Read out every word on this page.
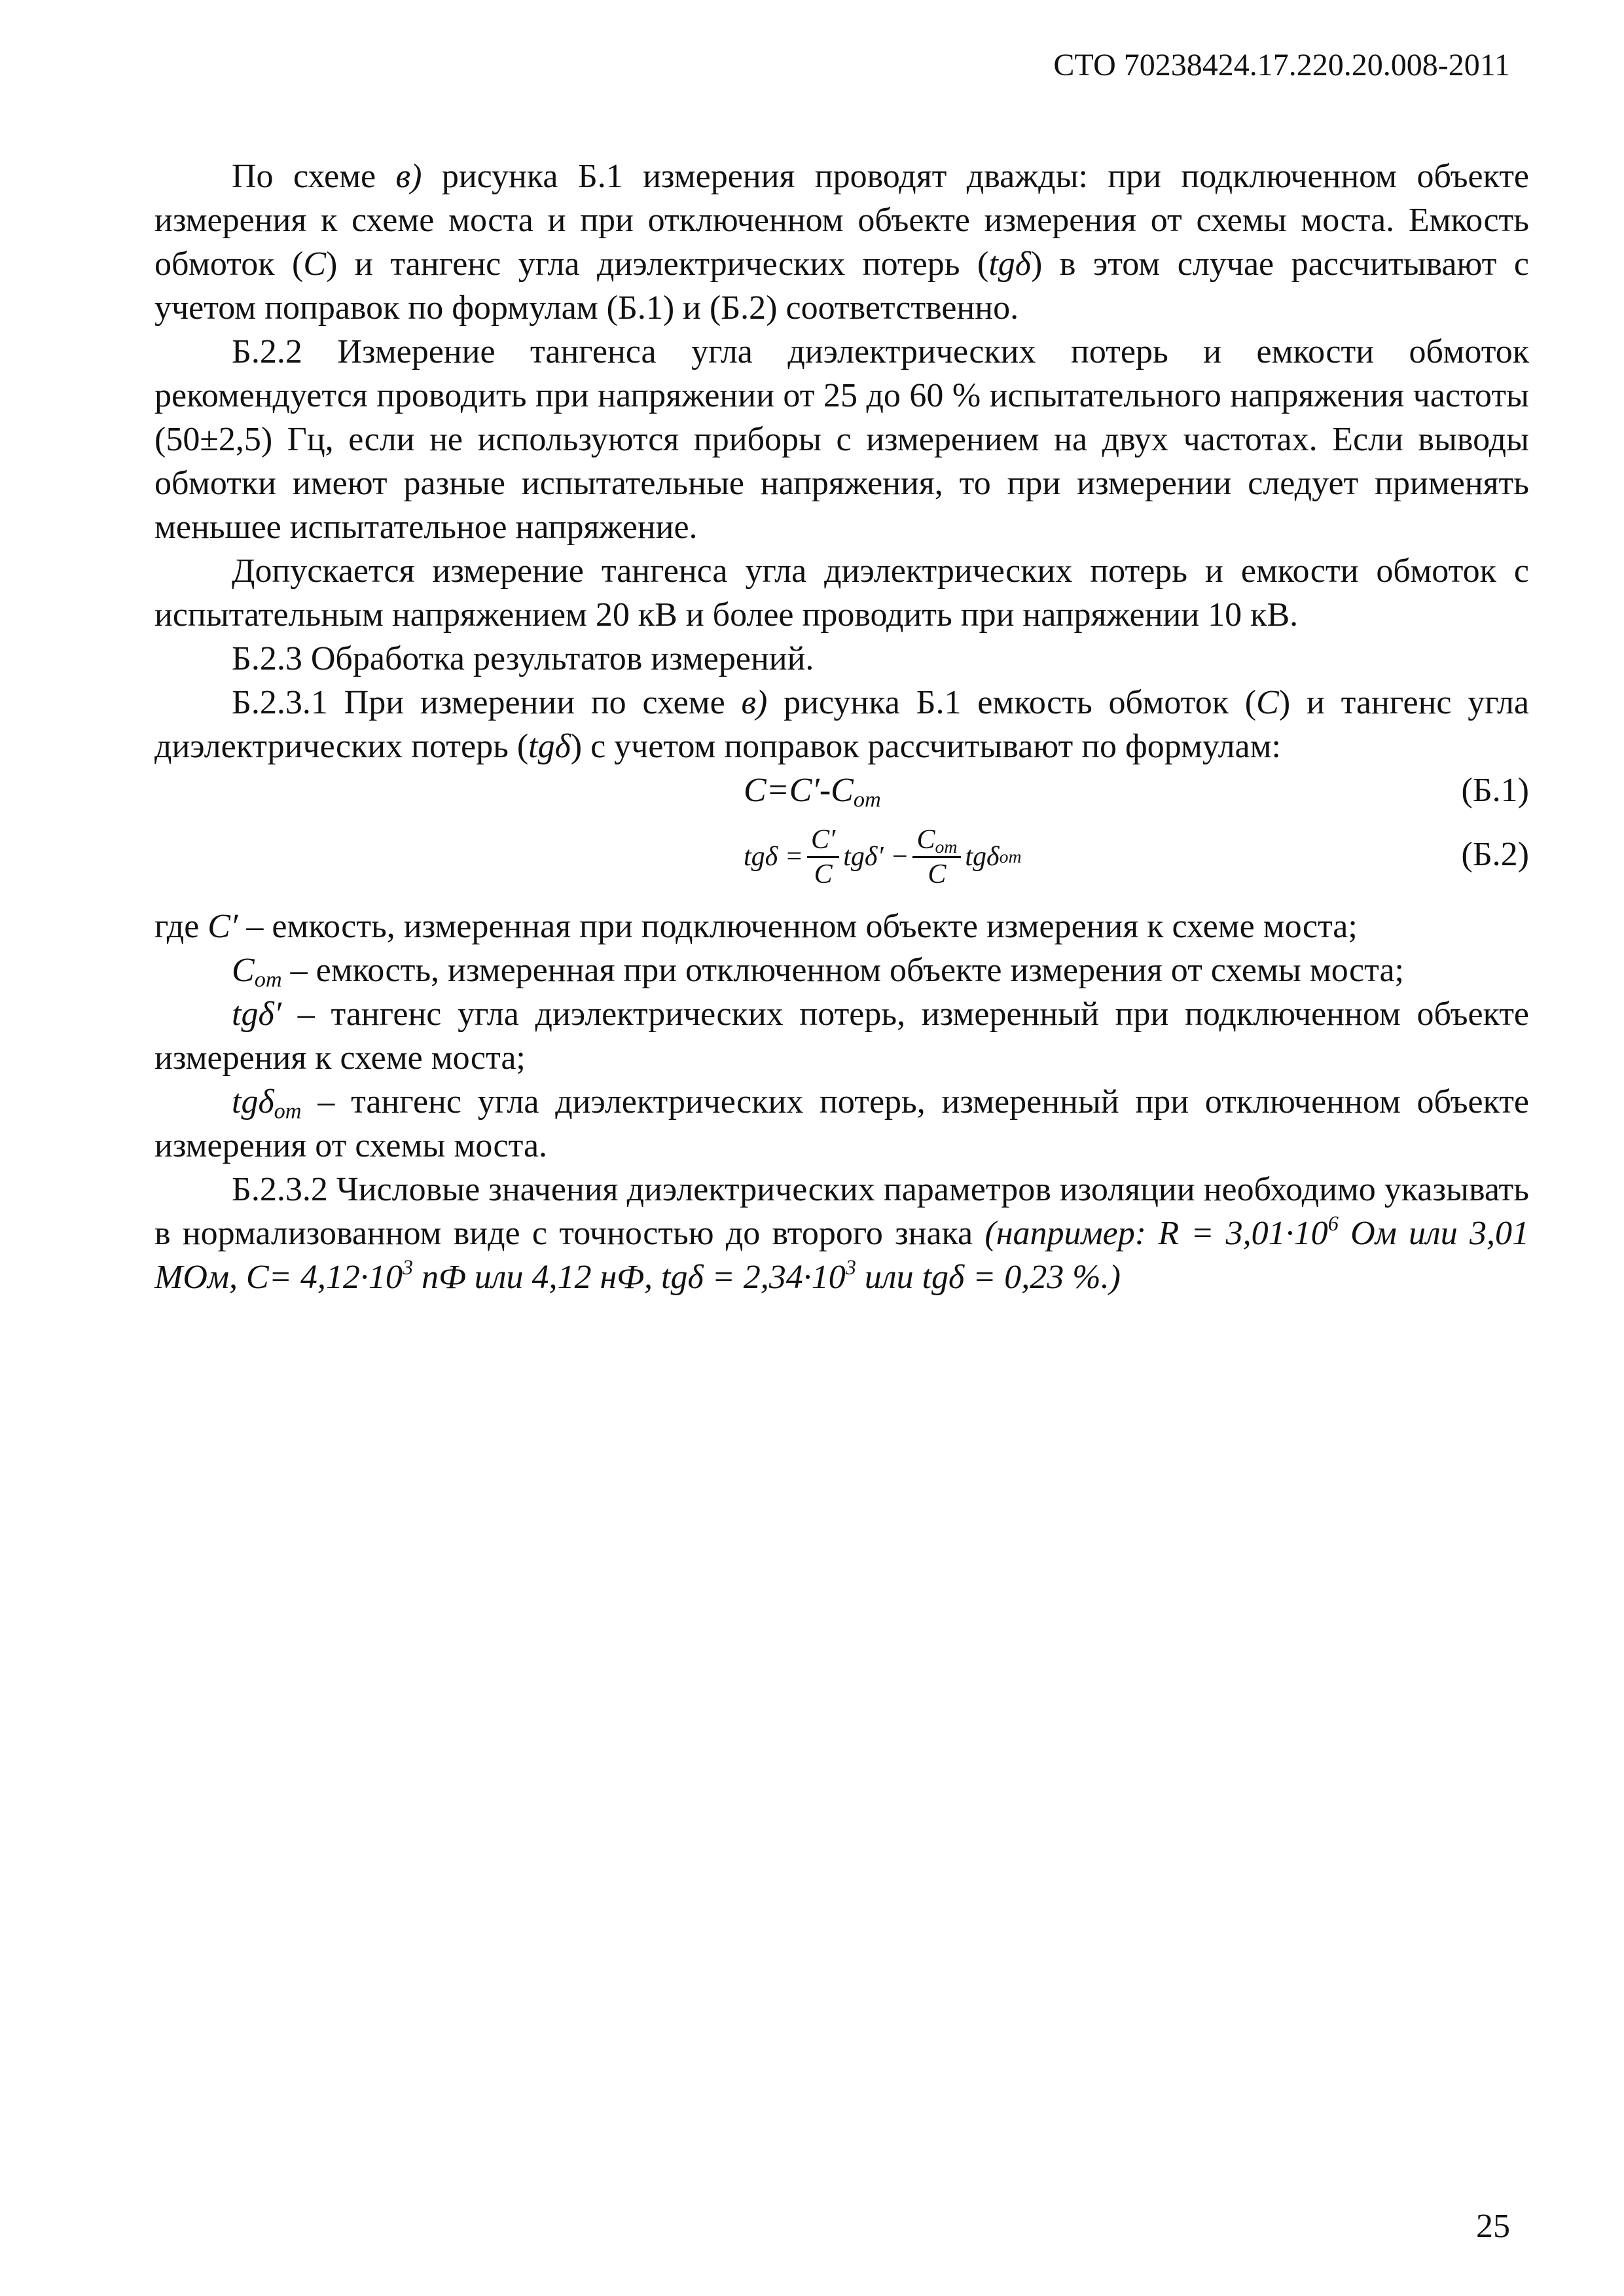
СТО 70238424.17.220.20.008-2011

По схеме в) рисунка Б.1 измерения проводят дважды: при подключенном объекте измерения к схеме моста и при отключенном объекте измерения от схемы моста. Емкость обмоток (C) и тангенс угла диэлектрических потерь (tgδ) в этом случае рассчитывают с учетом поправок по формулам (Б.1) и (Б.2) соответственно.

Б.2.2 Измерение тангенса угла диэлектрических потерь и емкости обмоток рекомендуется проводить при напряжении от 25 до 60 % испытательного напряжения частоты (50±2,5) Гц, если не используются приборы с измерением на двух частотах. Если выводы обмотки имеют разные испытательные напряжения, то при измерении следует применять меньшее испытательное напряжение.

Допускается измерение тангенса угла диэлектрических потерь и емкости обмоток с испытательным напряжением 20 кВ и более проводить при напряжении 10 кВ.

Б.2.3 Обработка результатов измерений.

Б.2.3.1 При измерении по схеме в) рисунка Б.1 емкость обмоток (C) и тангенс угла диэлектрических потерь (tgδ) с учетом поправок рассчитывают по формулам:

$C=C'-C_{от}$	(Б.1)
$tg\delta = \frac{C'}{C} tg\delta' - \frac{C_{от}}{C}$ tgδ от	(Б.2)

где C′ – емкость, измеренная при подключенном объекте измерения к схеме моста;

$C_{от}$ – емкость, измеренная при отключенном объекте измерения от схемы моста;

tgδ′ – тангенс угла диэлектрических потерь, измеренный при подключенном объекте измерения к схеме моста;

tgδ$_{от}$ – тангенс угла диэлектрических потерь, измеренный при отключенном объекте измерения от схемы моста.

Б.2.3.2 Числовые значения диэлектрических параметров изоляции необходимо указывать в нормализованном виде с точностью до второго знака (например: $R = 3,01\cdot 10^6$ Ом или 3,01 МОм, $C= 4,12\cdot 10^3$ пФ или 4,12 нФ, $tg\delta = 2,34\cdot 10^3$ или tgδ = 0,23 %.)

25
